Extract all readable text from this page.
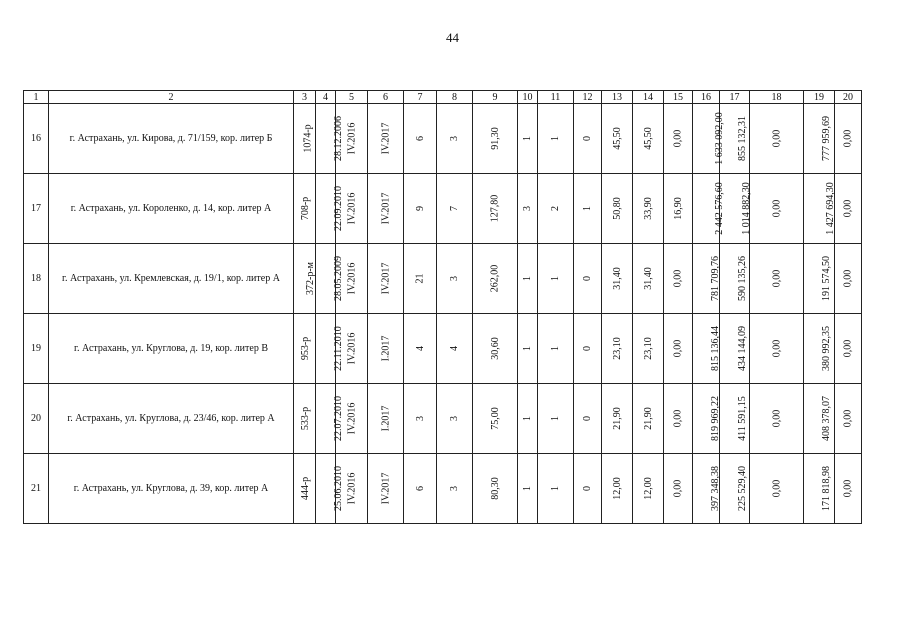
44
1	2	3	4	5	6	7	8	9	10	11	12	13	14	15	16	17	18	19	20
16	г. Астрахань, ул. Кирова, д. 71/159, кор. литер Б	1074-р	28.12.2006	IV.2016	IV.2017	6	3	91,30	1	1	0	45,50	45,50	0,00	1 633 092,00	855 132,31	0,00	777 959,69	0,00
17	г. Астрахань, ул. Короленко, д. 14, кор. литер А	708-р	22.09.2010	IV.2016	IV.2017	9	7	127,80	3	2	1	50,80	33,90	16,90	2 442 576,60	1 014 882,30	0,00	1 427 694,30	0,00
18	г. Астрахань, ул. Кремлевская, д. 19/1, кор. литер А	372-р-м	28.05.2009	IV.2016	IV.2017	21	3	262,00	1	1	0	31,40	31,40	0,00	781 709,76	590 135,26	0,00	191 574,50	0,00
19	г. Астрахань, ул. Круглова, д. 19, кор. литер В	953-р	22.11.2010	IV.2016	I.2017	4	4	30,60	1	1	0	23,10	23,10	0,00	815 136,44	434 144,09	0,00	380 992,35	0,00
20	г. Астрахань, ул. Круглова, д. 23/46, кор. литер А	533-р	22.07.2010	IV.2016	I.2017	3	3	75,00	1	1	0	21,90	21,90	0,00	819 969,22	411 591,15	0,00	408 378,07	0,00
21	г. Астрахань, ул. Круглова, д. 39, кор. литер А	444-р	25.06.2010	IV.2016	IV.2017	6	3	80,30	1	1	0	12,00	12,00	0,00	397 348,38	225 529,40	0,00	171 818,98	0,00
